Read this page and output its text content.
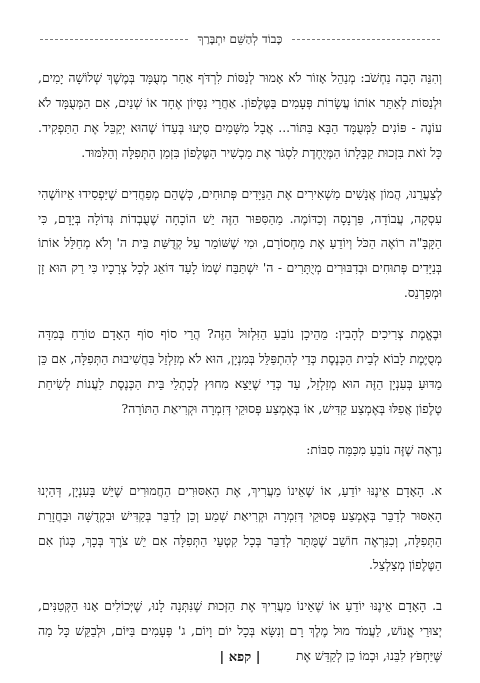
כָּבוֹד לְהַשֵּׁם יִתְבָּרַךְ

וְהִנֵּה הָבָה נַחְשֹׁב: מְנַהֵל אָזוֹר לֹא אָמוּר לְנַסּוֹת לִרְדֹּף אַחַר מְעֻמָּד בְּמֶשֶׁךְ שְׁלוֹשָׁה יָמִים, וּלְנַסּוֹת לְאַתֵּר אוֹתוֹ עֲשָׂרוֹת פְּעָמִים בַּטֶּלֶפוֹן. אַחֲרֵי נִסָּיוֹן אֶחָד אוֹ שְׁנַיִם, אִם הַמְּעֻמָּד לֹא עוֹנֶה - פּוֹנִים לַמְּעֻמָּד הַבָּא בַּתּוֹר... אֲבָל מִשָּׁמַיִם סִיְּעוּ בְּעַדוֹ שֶׁהוּא יְקַבֵּל אֶת הַתַּפְקִיד. כָּל זֹאת בִּזְכוּת קַבָּלָתוֹ הַמְּיֻחֶדֶת לִסְגֹּר אֶת מַכְשִׁיר הַטֶּלֶפוֹן בִּזְמַן הַתְּפִלָּה וְהַלִּמּוּד.

לְצַעֲרֵנוּ, הֲמוֹן אֲנָשִׁים מַשְׁאִירִים אֶת הַנַּיָּדִים פְּתוּחִים, כְּשֶׁהֵם מְפַחֲדִים שֶׁיַּפְסִידוּ אֵיזוֹשֶׁהִי עִסְקָה, עֲבוֹדָה, פַּרְנָסָה וְכַדּוֹמֶה. מַהַסִּפּוּר הַזֶּה יֵשׁ הוֹכָחָה שֶׁעֻבְדוֹת גְּדוֹלָה בְּיָדָם, כִּי הַקָּבָּ"ה רוֹאֶה הַכֹּל וְיוֹדֵעַ אֶת מַחְסוֹרָם, וּמִי שֶׁשּׁוֹמֵר עַל קְדֻשַּׁת בֵּית ה' וְלֹא מְחַלֵּל אוֹתוֹ בְּנַיָּדִים פְּתוּחִים וּבְדִבּוּרִים מְיֻתָּרִים - ה' יִשְׁתַּבַּח שְׁמוֹ לָעַד דּוֹאֵג לְכָל צְרָכָיו כִּי רַק הוּא זָן וּמְפַרְנֵס.

וּבֶאֱמֶת צְרִיכִים לְהָבִין: מֵהֵיכָן נוֹבֵעַ הַזִּלְזוּל הַזֶּה? הֲרֵי סוֹף סוֹף הָאָדָם טוֹרֵחַ בְּמִדָּה מְסֻיֶּמֶת לָבוֹא לְבֵית הַכְּנֶסֶת כְּדֵי לְהִתְפַּלֵּל בְּמִנְיָן, הוּא לֹא מְזַלְזֵל בַּחֲשִׁיבוּת הַתְּפִלָּה, אִם כֵּן מַדּוּעַ בְּעִנְיָן הַזֶּה הוּא מְזַלְזֵל, עַד כְּדֵי שֶׁיֵּצֵא מִחוּץ לְכָתְלֵי בֵּית הַכְּנֶסֶת לַעֲנוֹת לְשִׂיחַת טֶלֶפוֹן אֲפִלּוּ בְּאֶמְצַע קַדִּישׁ, אוֹ בְּאֶמְצַע פְּסוּקֵי דְּזִמְרָה וּקְרִיאַת הַתּוֹרָה?

נִרְאֶה שֶׁזֶּה נוֹבֵעַ מִכַּמָּה סִבּוֹת:

א. הָאָדָם אֵינֶנּוּ יוֹדֵעַ, אוֹ שֶׁאֵינוֹ מַעֲרִיךְ, אֶת הָאִסּוּרִים הַחֲמוּרִים שֶׁיֵּשׁ בָּעִנְיָן, דְּהַיְנוּ הָאִסּוּר לְדַבֵּר בְּאֶמְצַע פְּסוּקֵי דְּזִמְרָה וּקְרִיאַת שְׁמַע וְכֵן לְדַבֵּר בְּקַדִּישׁ וּבִקְדֻשָּׁה וּבַחֲזָרַת הַתְּפִלָּה, וְכִנִּרְאֶה חוֹשֵׁב שֶׁמֻּתָּר לְדַבֵּר בְּכָל קִטְעֵי הַתְּפִלָּה אִם יֵשׁ צֹרֶךְ בְּכָךְ, כְּגוֹן אִם הַטֶּלֶפוֹן מְצַלְצֵל.

ב. הָאָדָם אֵינֶנּוּ יוֹדֵעַ אוֹ שֶׁאֵינוֹ מַעֲרִיךְ אֶת הַזְּכוּת שֶׁנִּתְּנָה לָנוּ, שֶׁיְּכוֹלִים אָנוּ הַקְּטַנִּים, יְצוּרֵי אֱנוֹשׁ, לַעֲמֹד מוּל מֶלֶךְ רָם וְנִשָּׂא בְּכָל יוֹם וָיוֹם, ג' פְּעָמִים בַּיּוֹם, וּלְבַקֵּשׁ כָּל מַה שֶּׁיַּחְפֹּץ לִבֵּנוּ, וּכְמוֹ כֵן לְקַדֵּשׁ אֶת

| קפא |
